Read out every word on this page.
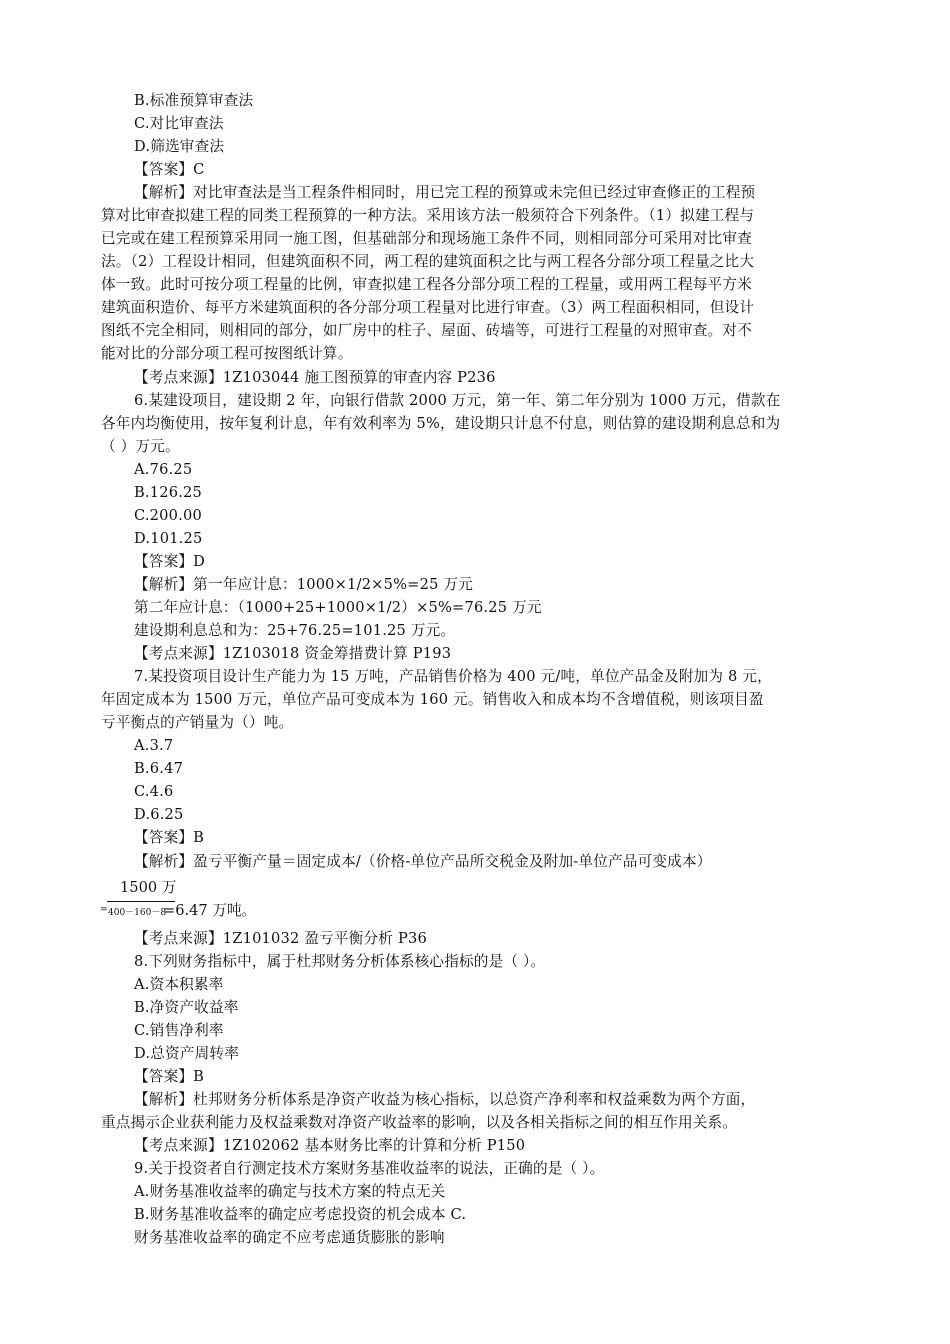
B.标准预算审查法
C.对比审查法
D.筛选审查法
【答案】C
【解析】对比审查法是当工程条件相同时，用已完工程的预算或未完但已经过审查修正的工程预
算对比审查拟建工程的同类工程预算的一种方法。采用该方法一般须符合下列条件。（1）拟建工程与
已完或在建工程预算采用同一施工图，但基础部分和现场施工条件不同，则相同部分可采用对比审查
法。（2）工程设计相同，但建筑面积不同，两工程的建筑面积之比与两工程各分部分项工程量之比大
体一致。此时可按分项工程量的比例，审查拟建工程各分部分项工程的工程量，或用两工程每平方米
建筑面积造价、每平方米建筑面积的各分部分项工程量对比进行审查。（3）两工程面积相同，但设计
图纸不完全相同，则相同的部分，如厂房中的柱子、屋面、砖墙等，可进行工程量的对照审查。对不
能对比的分部分项工程可按图纸计算。
【考点来源】1Z103044 施工图预算的审查内容 P236
6.某建设项目，建设期 2 年，向银行借款 2000 万元，第一年、第二年分别为 1000 万元，借款在
各年内均衡使用，按年复利计息，年有效利率为 5%，建设期只计息不付息，则估算的建设期利息总和为
（ ）万元。
A.76.25
B.126.25
C.200.00
D.101.25
【答案】D
【解析】第一年应计息：1000×1/2×5%=25 万元
第二年应计息：（1000+25+1000×1/2）×5%=76.25 万元
建设期利息总和为：25+76.25=101.25 万元。
【考点来源】1Z103018 资金筹措费计算 P193
7.某投资项目设计生产能力为 15 万吨，产品销售价格为 400 元/吨，单位产品金及附加为 8 元，
年固定成本为 1500 万元，单位产品可变成本为 160 元。销售收入和成本均不含增值税，则该项目盈
亏平衡点的产销量为（）吨。
A.3.7
B.6.47
C.4.6
D.6.25
【答案】B
【解析】盈亏平衡产量＝固定成本/（价格-单位产品所交税金及附加-单位产品可变成本）
1500 万
= 400－160－8
=6.47 万吨。
【考点来源】1Z101032 盈亏平衡分析 P36
8.下列财务指标中，属于杜邦财务分析体系核心指标的是（ ）。
A.资本积累率
B.净资产收益率
C.销售净利率
D.总资产周转率
【答案】B
【解析】杜邦财务分析体系是净资产收益为核心指标，以总资产净利率和权益乘数为两个方面，
重点揭示企业获利能力及权益乘数对净资产收益率的影响，以及各相关指标之间的相互作用关系。
【考点来源】1Z102062 基本财务比率的计算和分析 P150
9.关于投资者自行测定技术方案财务基准收益率的说法，正确的是（ ）。
A.财务基准收益率的确定与技术方案的特点无关
B.财务基准收益率的确定应考虑投资的机会成本 C.
财务基准收益率的确定不应考虑通货膨胀的影响
